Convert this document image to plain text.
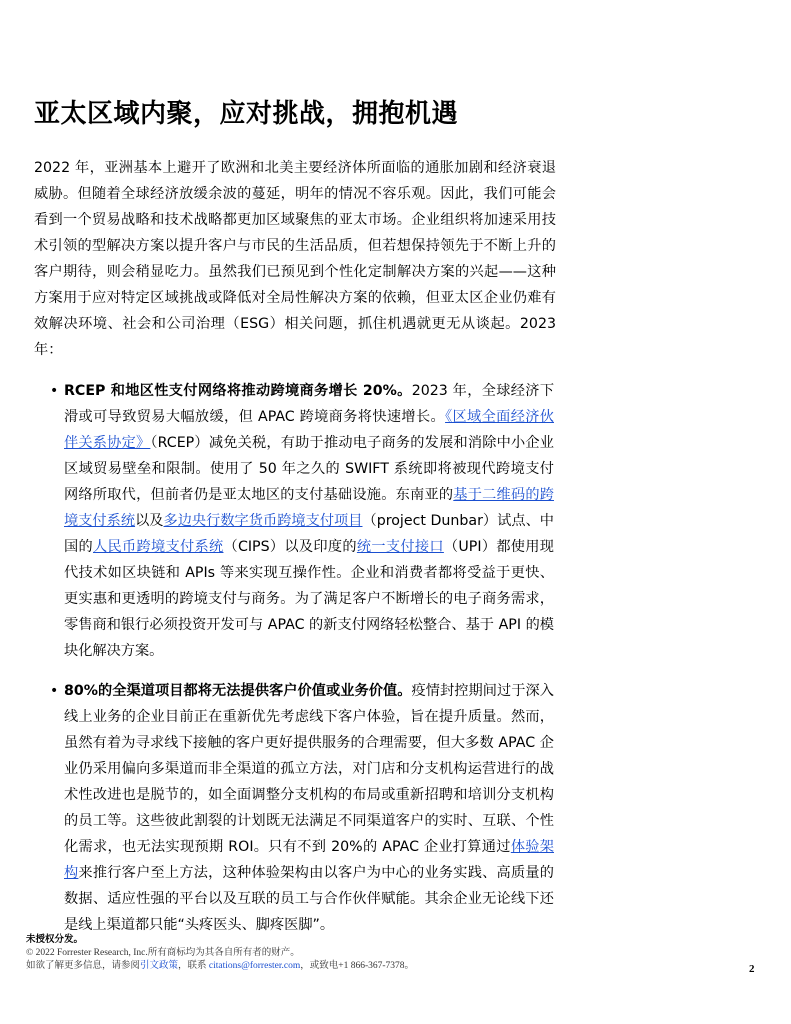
亚太区域内聚，应对挑战，拥抱机遇

2022 年，亚洲基本上避开了欧洲和北美主要经济体所面临的通胀加剧和经济衰退威胁。但随着全球经济放缓余波的蔓延，明年的情况不容乐观。因此，我们可能会看到一个贸易战略和技术战略都更加区域聚焦的亚太市场。企业组织将加速采用技术引领的型解决方案以提升客户与市民的生活品质，但若想保持领先于不断上升的客户期待，则会稍显吃力。虽然我们已预见到个性化定制解决方案的兴起——这种方案用于应对特定区域挑战或降低对全局性解决方案的依赖，但亚太区企业仍难有效解决环境、社会和公司治理（ESG）相关问题，抓住机遇就更无从谈起。2023 年：

• RCEP 和地区性支付网络将推动跨境商务增长 20%。2023 年，全球经济下滑或可导致贸易大幅放缓，但 APAC 跨境商务将快速增长。《区域全面经济伙伴关系协定》（RCEP）减免关税，有助于推动电子商务的发展和消除中小企业区域贸易壁垒和限制。使用了 50 年之久的 SWIFT 系统即将被现代跨境支付网络所取代，但前者仍是亚太地区的支付基础设施。东南亚的基于二维码的跨境支付系统以及多边央行数字货币跨境支付项目（project Dunbar）试点、中国的人民币跨境支付系统（CIPS）以及印度的统一支付接口（UPI）都使用现代技术如区块链和 APIs 等来实现互操作性。企业和消费者都将受益于更快、更实惠和更透明的跨境支付与商务。为了满足客户不断增长的电子商务需求，零售商和银行必须投资开发可与 APAC 的新支付网络轻松整合、基于 API 的模块化解决方案。
• 80%的全渠道项目都将无法提供客户价值或业务价值。疫情封控期间过于深入线上业务的企业目前正在重新优先考虑线下客户体验，旨在提升质量。然而，虽然有着为寻求线下接触的客户更好提供服务的合理需要，但大多数 APAC 企业仍采用偏向多渠道而非全渠道的孤立方法，对门店和分支机构运营进行的战术性改进也是脱节的，如全面调整分支机构的布局或重新招聘和培训分支机构的员工等。这些彼此割裂的计划既无法满足不同渠道客户的实时、互联、个性化需求，也无法实现预期 ROI。只有不到 20%的 APAC 企业打算通过体验架构来推行客户至上方法，这种体验架构由以客户为中心的业务实践、高质量的数据、适应性强的平台以及互联的员工与合作伙伴赋能。其余企业无论线下还是线上渠道都只能“头疼医头、脚疼医脚”。
未授权分发。
© 2022 Forrester Research, Inc.所有商标均为其各自所有者的财产。
如欲了解更多信息，请参阅引文政策，联系 citations@forrester.com，或致电+1 866-367-7378。	2
